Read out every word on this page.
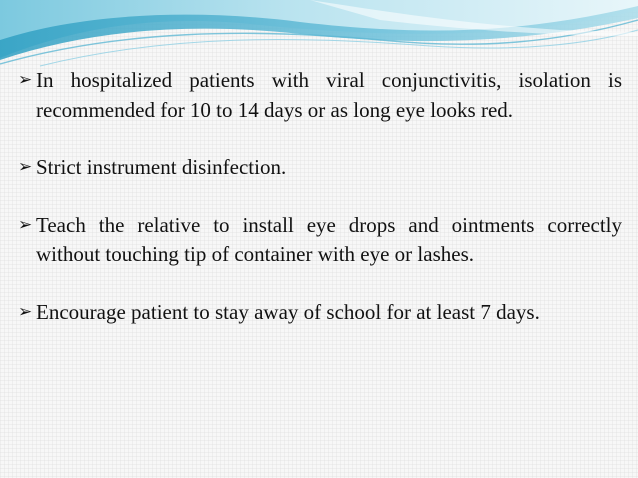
➢ In hospitalized patients with viral conjunctivitis, isolation is recommended for 10 to 14 days or as long eye looks red.

➢ Strict instrument disinfection.

➢ Teach the relative to install eye drops and ointments correctly without touching tip of container with eye or lashes.

➢ Encourage patient to stay away of school for at least 7 days.
